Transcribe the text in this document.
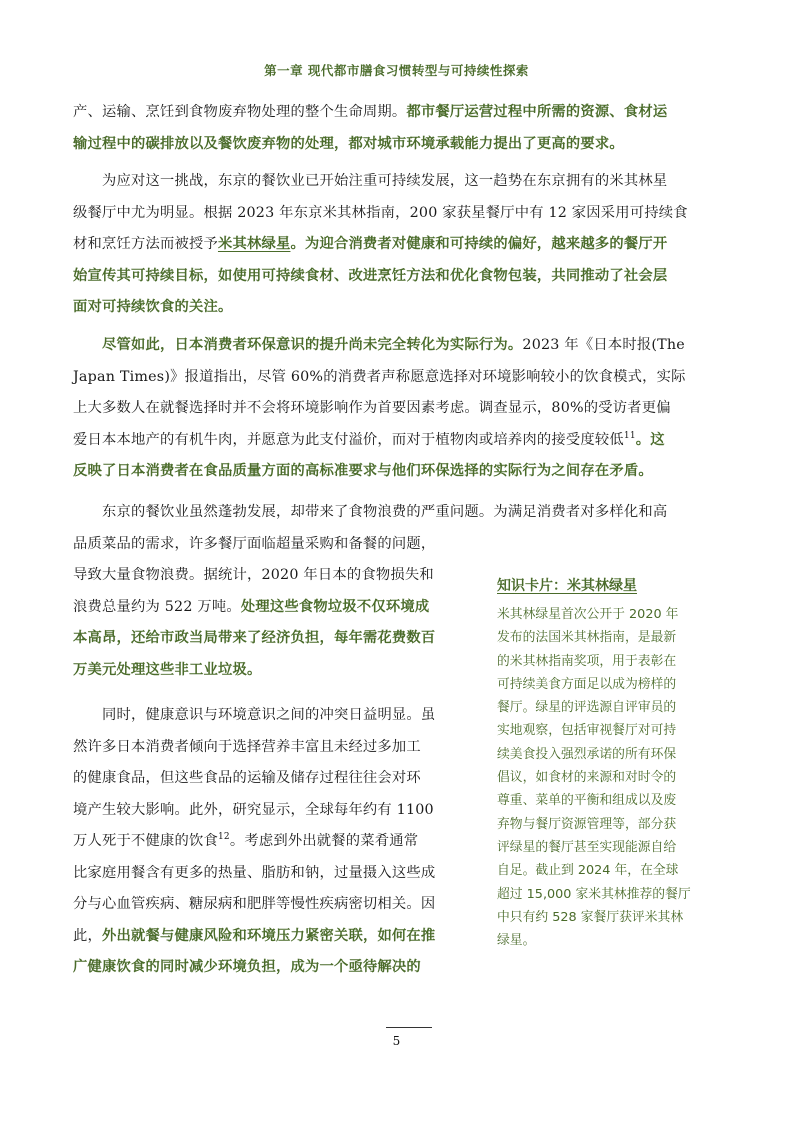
第一章 现代都市膳食习惯转型与可持续性探索

产、运输、烹饪到食物废弃物处理的整个生命周期。都市餐厅运营过程中所需的资源、食材运
输过程中的碳排放以及餐饮废弃物的处理，都对城市环境承载能力提出了更高的要求。

为应对这一挑战，东京的餐饮业已开始注重可持续发展，这一趋势在东京拥有的米其林星
级餐厅中尤为明显。根据 2023 年东京米其林指南，200 家获星餐厅中有 12 家因采用可持续食
材和烹饪方法而被授予米其林绿星。为迎合消费者对健康和可持续的偏好，越来越多的餐厅开
始宣传其可持续目标，如使用可持续食材、改进烹饪方法和优化食物包装，共同推动了社会层
面对可持续饮食的关注。

尽管如此，日本消费者环保意识的提升尚未完全转化为实际行为。2023 年《日本时报(The
Japan Times)》报道指出，尽管 60%的消费者声称愿意选择对环境影响较小的饮食模式，实际
上大多数人在就餐选择时并不会将环境影响作为首要因素考虑。调查显示，80%的受访者更偏
爱日本本地产的有机牛肉，并愿意为此支付溢价，而对于植物肉或培养肉的接受度较低$^{11}$。这
反映了日本消费者在食品质量方面的高标准要求与他们环保选择的实际行为之间存在矛盾。

东京的餐饮业虽然蓬勃发展，却带来了食物浪费的严重问题。为满足消费者对多样化和高
品质菜品的需求，许多餐厅面临超量采购和备餐的问题，
导致大量食物浪费。据统计，2020 年日本的食物损失和
浪费总量约为 522 万吨。处理这些食物垃圾不仅环境成
本高昂，还给市政当局带来了经济负担，每年需花费数百
万美元处理这些非工业垃圾。

同时，健康意识与环境意识之间的冲突日益明显。虽
然许多日本消费者倾向于选择营养丰富且未经过多加工
的健康食品，但这些食品的运输及储存过程往往会对环
境产生较大影响。此外，研究显示，全球每年约有 1100
万人死于不健康的饮食$^{12}$。考虑到外出就餐的菜肴通常
比家庭用餐含有更多的热量、脂肪和钠，过量摄入这些成
分与心血管疾病、糖尿病和肥胖等慢性疾病密切相关。因
此，外出就餐与健康风险和环境压力紧密关联，如何在推
广健康饮食的同时减少环境负担，成为一个亟待解决的

知识卡片：米其林绿星
米其林绿星首次公开于 2020 年
发布的法国米其林指南，是最新
的米其林指南奖项，用于表彰在
可持续美食方面足以成为榜样的
餐厅。绿星的评选源自评审员的
实地观察，包括审视餐厅对可持
续美食投入强烈承诺的所有环保
倡议，如食材的来源和对时令的
尊重、菜单的平衡和组成以及废
弃物与餐厅资源管理等，部分获
评绿星的餐厅甚至实现能源自给
自足。截止到 2024 年，在全球
超过 15,000 家米其林推荐的餐厅
中只有约 528 家餐厅获评米其林
绿星。
5
